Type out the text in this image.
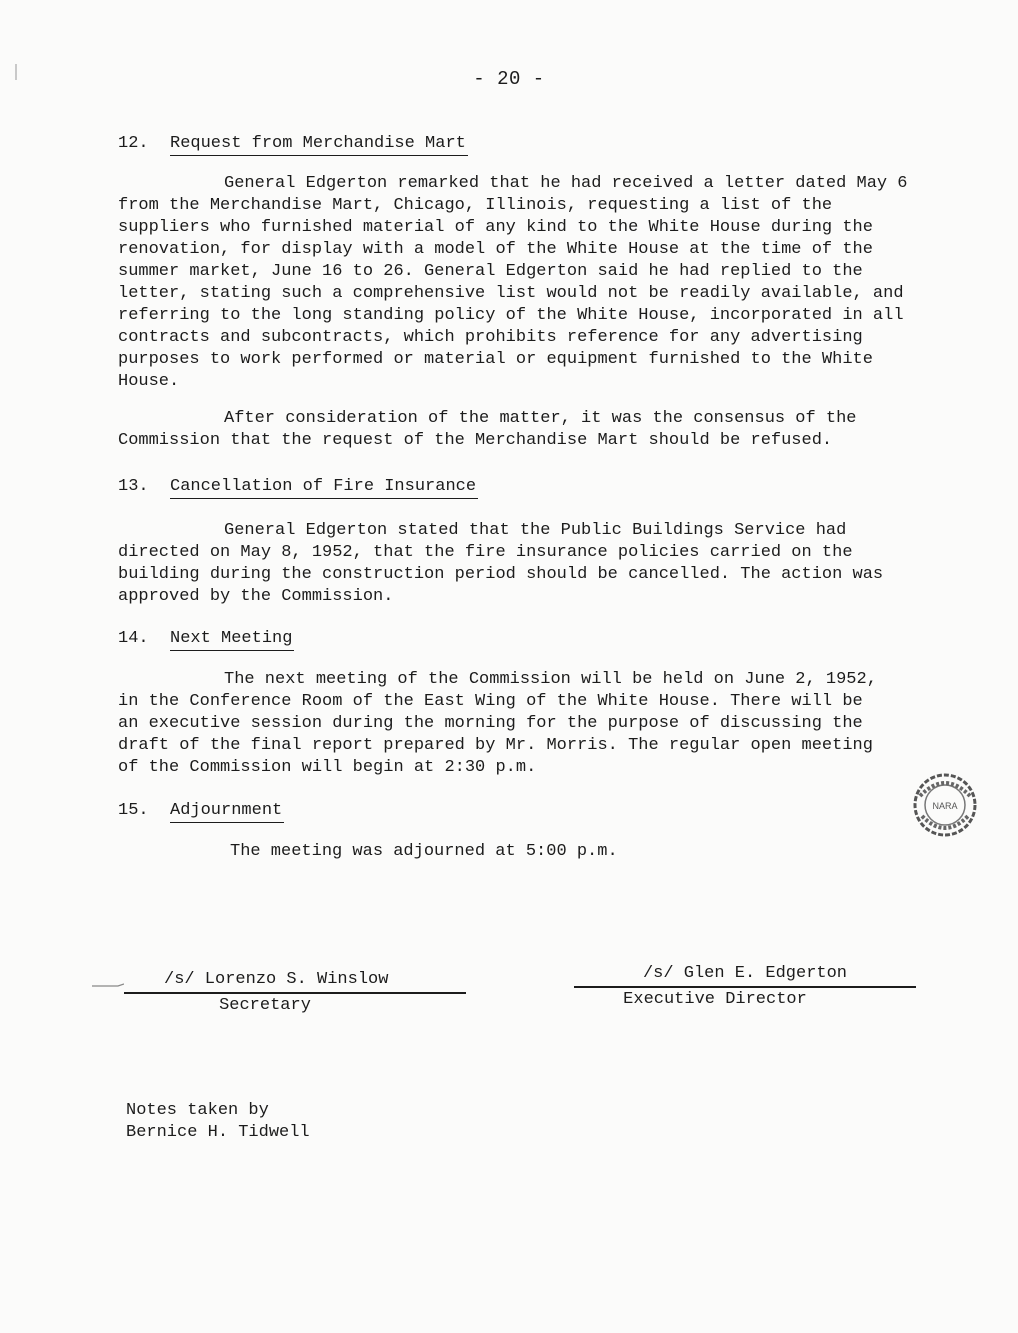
- 20 -
12. Request from Merchandise Mart
General Edgerton remarked that he had received a letter dated May 6
from the Merchandise Mart, Chicago, Illinois, requesting a list of the
suppliers who furnished material of any kind to the White House during the
renovation, for display with a model of the White House at the time of the
summer market, June 16 to 26. General Edgerton said he had replied to the
letter, stating such a comprehensive list would not be readily available, and
referring to the long standing policy of the White House, incorporated in all
contracts and subcontracts, which prohibits reference for any advertising
purposes to work performed or material or equipment furnished to the White
House.
After consideration of the matter, it was the consensus of the
Commission that the request of the Merchandise Mart should be refused.
13. Cancellation of Fire Insurance
General Edgerton stated that the Public Buildings Service had
directed on May 8, 1952, that the fire insurance policies carried on the
building during the construction period should be cancelled. The action was
approved by the Commission.
14. Next Meeting
The next meeting of the Commission will be held on June 2, 1952,
in the Conference Room of the East Wing of the White House. There will be
an executive session during the morning for the purpose of discussing the
draft of the final report prepared by Mr. Morris. The regular open meeting
of the Commission will begin at 2:30 p.m.
15. Adjournment
The meeting was adjourned at 5:00 p.m.
NARA
/s/ Lorenzo S. Winslow
Secretary
/s/ Glen E. Edgerton
Executive Director
Notes taken by
Bernice H. Tidwell
